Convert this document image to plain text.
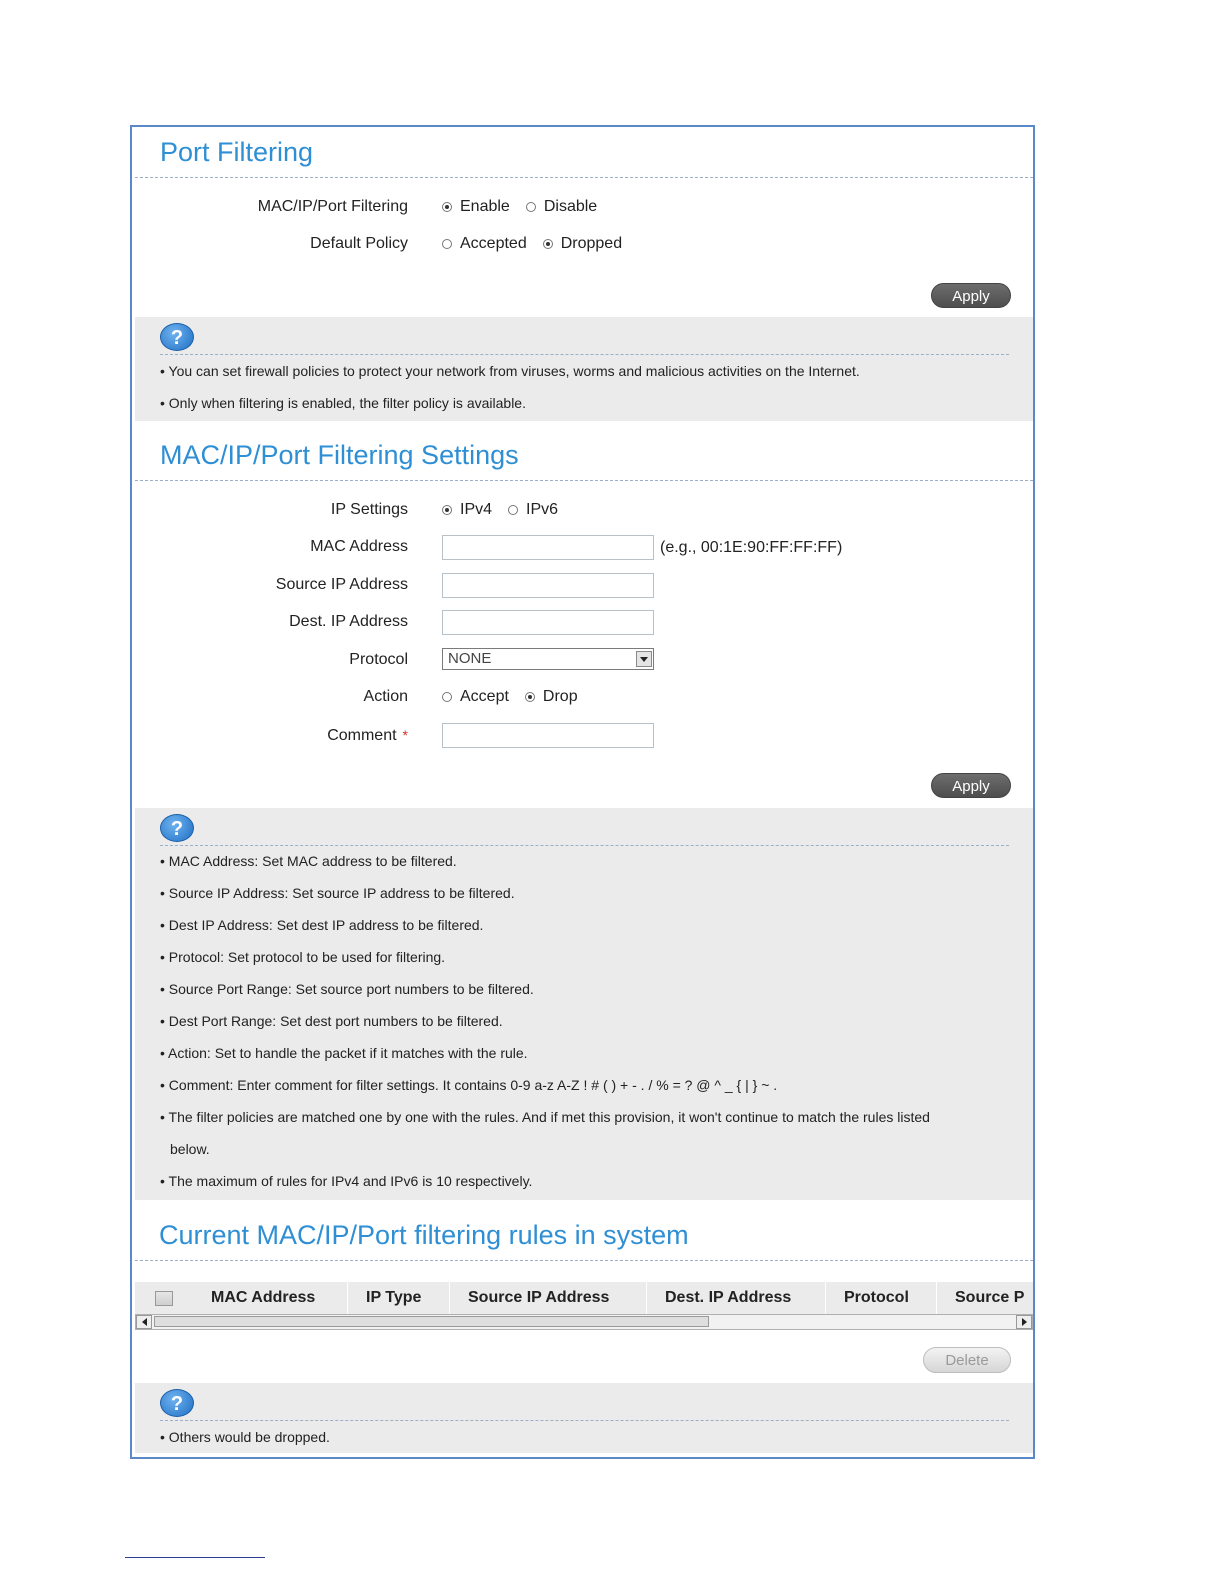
Port Filtering
MAC/IP/Port Filtering	Enable Disable
Default Policy	Accepted Dropped
Apply
?
• You can set firewall policies to protect your network from viruses, worms and malicious activities on the Internet.
• Only when filtering is enabled, the filter policy is available.
MAC/IP/Port Filtering Settings
IP Settings	IPv4 IPv6
MAC Address	(e.g., 00:1E:90:FF:FF:FF)
Source IP Address
Dest. IP Address
Protocol	NONE
Action	Accept Drop
Comment *
Apply
?
• MAC Address: Set MAC address to be filtered.
• Source IP Address: Set source IP address to be filtered.
• Dest IP Address: Set dest IP address to be filtered.
• Protocol: Set protocol to be used for filtering.
• Source Port Range: Set source port numbers to be filtered.
• Dest Port Range: Set dest port numbers to be filtered.
• Action: Set to handle the packet if it matches with the rule.
• Comment: Enter comment for filter settings. It contains 0-9 a-z A-Z ! # ( ) + - . / % = ? @ ^ _ { | } ~ .
• The filter policies are matched one by one with the rules. And if met this provision, it won't continue to match the rules listed
below.
• The maximum of rules for IPv4 and IPv6 is 10 respectively.
Current MAC/IP/Port filtering rules in system
MAC Address	IP Type	Source IP Address	Dest. IP Address	Protocol	Source P
Delete
?
• Others would be dropped.
